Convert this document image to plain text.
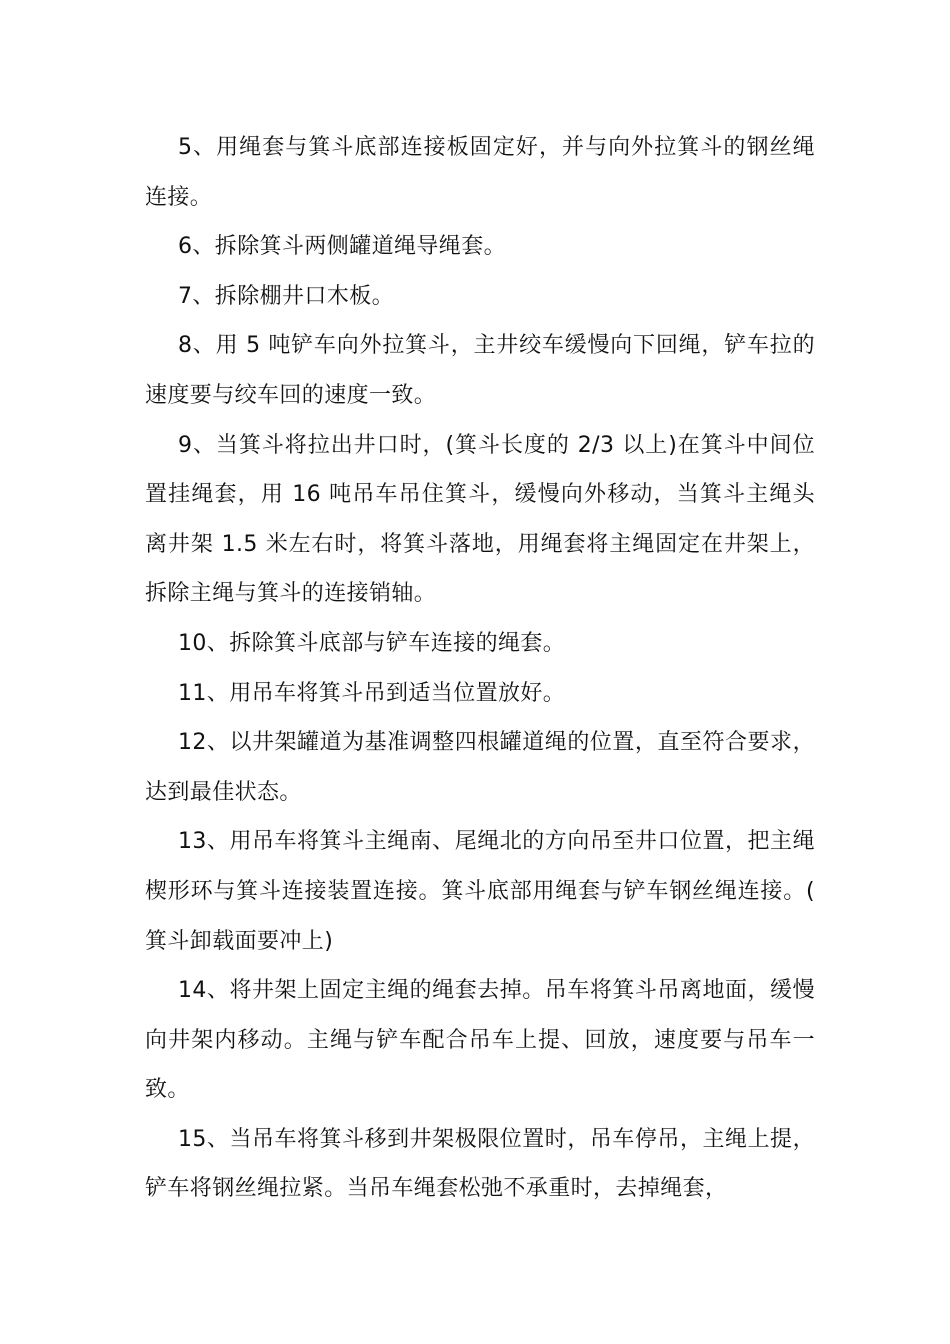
5、用绳套与箕斗底部连接板固定好，并与向外拉箕斗的钢丝绳连接。

6、拆除箕斗两侧罐道绳导绳套。

7、拆除棚井口木板。

8、用 5 吨铲车向外拉箕斗，主井绞车缓慢向下回绳，铲车拉的速度要与绞车回的速度一致。

9、当箕斗将拉出井口时，(箕斗长度的 2/3 以上)在箕斗中间位置挂绳套，用 16 吨吊车吊住箕斗，缓慢向外移动，当箕斗主绳头离井架 1.5 米左右时，将箕斗落地，用绳套将主绳固定在井架上，拆除主绳与箕斗的连接销轴。

10、拆除箕斗底部与铲车连接的绳套。

11、用吊车将箕斗吊到适当位置放好。

12、以井架罐道为基准调整四根罐道绳的位置，直至符合要求，达到最佳状态。

13、用吊车将箕斗主绳南、尾绳北的方向吊至井口位置，把主绳楔形环与箕斗连接装置连接。箕斗底部用绳套与铲车钢丝绳连接。(箕斗卸载面要冲上)

14、将井架上固定主绳的绳套去掉。吊车将箕斗吊离地面，缓慢向井架内移动。主绳与铲车配合吊车上提、回放，速度要与吊车一致。

15、当吊车将箕斗移到井架极限位置时，吊车停吊，主绳上提，铲车将钢丝绳拉紧。当吊车绳套松弛不承重时，去掉绳套，
